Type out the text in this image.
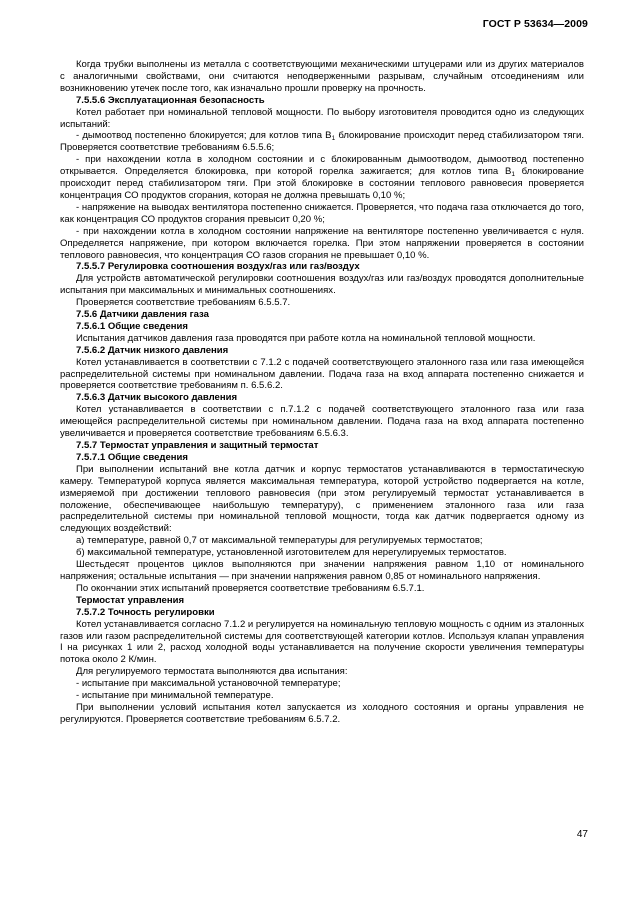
ГОСТ Р 53634—2009

Когда трубки выполнены из металла с соответствующими механическими штуцерами или из других материалов с аналогичными свойствами, они считаются неподверженными разрывам, случайным отсоединениям или возникновению утечек после того, как изначально прошли проверку на прочность.

7.5.5.6 Эксплуатационная безопасность

Котел работает при номинальной тепловой мощности. По выбору изготовителя проводится одно из следующих испытаний:

- дымоотвод постепенно блокируется; для котлов типа $B_1$ блокирование происходит перед стабилизатором тяги. Проверяется соответствие требованиям 6.5.5.6;

- при нахождении котла в холодном состоянии и с блокированным дымоотводом, дымоотвод постепенно открывается. Определяется блокировка, при которой горелка зажигается; для котлов типа $B_1$ блокирование происходит перед стабилизатором тяги. При этой блокировке в состоянии теплового равновесия проверяется концентрация СО продуктов сгорания, которая не должна превышать 0,10 %;

- напряжение на выводах вентилятора постепенно снижается. Проверяется, что подача газа отключается до того, как концентрация СО продуктов сгорания превысит 0,20 %;

- при нахождении котла в холодном состоянии напряжение на вентиляторе постепенно увеличивается с нуля. Определяется напряжение, при котором включается горелка. При этом напряжении проверяется в состоянии теплового равновесия, что концентрация СО газов сгорания не превышает 0,10 %.

7.5.5.7 Регулировка соотношения воздух/газ или газ/воздух

Для устройств автоматической регулировки соотношения воздух/газ или газ/воздух проводятся дополнительные испытания при максимальных и минимальных соотношениях.

Проверяется соответствие требованиям 6.5.5.7.

7.5.6 Датчики давления газа

7.5.6.1 Общие сведения

Испытания датчиков давления газа проводятся при работе котла на номинальной тепловой мощности.

7.5.6.2 Датчик низкого давления

Котел устанавливается в соответствии с 7.1.2 с подачей соответствующего эталонного газа или газа имеющейся распределительной системы при номинальном давлении. Подача газа на вход аппарата постепенно снижается и проверяется соответствие требованиям п. 6.5.6.2.

7.5.6.3 Датчик высокого давления

Котел устанавливается в соответствии с п.7.1.2 с подачей соответствующего эталонного газа или газа имеющейся распределительной системы при номинальном давлении. Подача газа на вход аппарата постепенно увеличивается и проверяется соответствие требованиям 6.5.6.3.

7.5.7 Термостат управления и защитный термостат

7.5.7.1 Общие сведения

При выполнении испытаний вне котла датчик и корпус термостатов устанавливаются в термостатическую камеру. Температурой корпуса является максимальная температура, которой устройство подвергается на котле, измеряемой при достижении теплового равновесия (при этом регулируемый термостат устанавливается в положение, обеспечивающее наибольшую температуру), с применением эталонного газа или газа распределительной системы при номинальной тепловой мощности, тогда как датчик подвергается одному из следующих воздействий:

а) температуре, равной 0,7 от максимальной температуры для регулируемых термостатов;

б) максимальной температуре, установленной изготовителем для нерегулируемых термостатов.

Шестьдесят процентов циклов выполняются при значении напряжения равном 1,10 от номинального напряжения; остальные испытания — при значении напряжения равном 0,85 от номинального напряжения.

По окончании этих испытаний проверяется соответствие требованиям 6.5.7.1.

Термостат управления

7.5.7.2 Точность регулировки

Котел устанавливается согласно 7.1.2 и регулируется на номинальную тепловую мощность с одним из эталонных газов или газом распределительной системы для соответствующей категории котлов. Используя клапан управления I на рисунках 1 или 2, расход холодной воды устанавливается на получение скорости увеличения температуры потока около 2 К/мин.

Для регулируемого термостата выполняются два испытания:

- испытание при максимальной установочной температуре;

- испытание при минимальной температуре.

При выполнении условий испытания котел запускается из холодного состояния и органы управления не регулируются. Проверяется соответствие требованиям 6.5.7.2.

47
